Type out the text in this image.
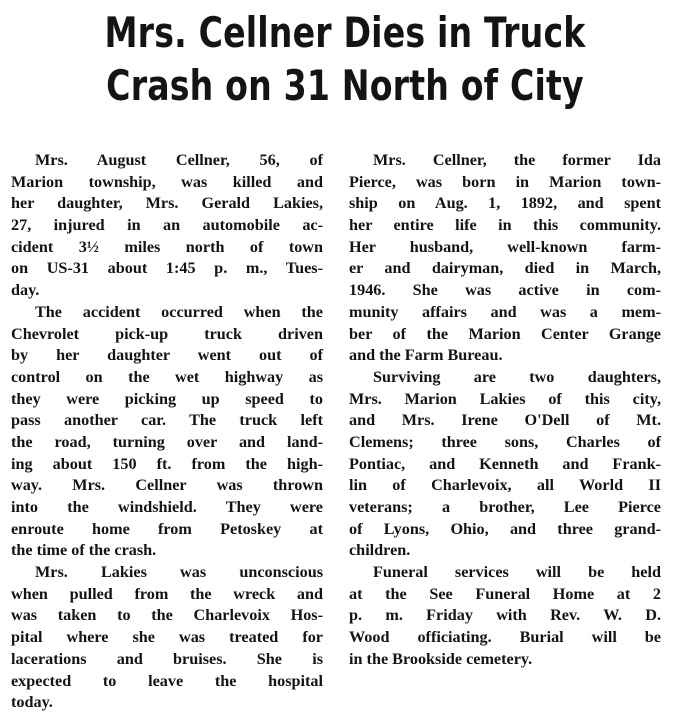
Mrs. Cellner Dies in Truck
Crash on 31 North of City
Mrs. August Cellner, 56, of
Marion township, was killed and
her daughter, Mrs. Gerald Lakies,
27, injured in an automobile ac-
cident 3½ miles north of town
on US-31 about 1:45 p. m., Tues-
day.
The accident occurred when the
Chevrolet pick-up truck driven
by her daughter went out of
control on the wet highway as
they were picking up speed to
pass another car. The truck left
the road, turning over and land-
ing about 150 ft. from the high-
way. Mrs. Cellner was thrown
into the windshield. They were
enroute home from Petoskey at
the time of the crash.
Mrs. Lakies was unconscious
when pulled from the wreck and
was taken to the Charlevoix Hos-
pital where she was treated for
lacerations and bruises. She is
expected to leave the hospital
today.
Mrs. Cellner, the former Ida
Pierce, was born in Marion town-
ship on Aug. 1, 1892, and spent
her entire life in this community.
Her husband, well-known farm-
er and dairyman, died in March,
1946. She was active in com-
munity affairs and was a mem-
ber of the Marion Center Grange
and the Farm Bureau.
Surviving are two daughters,
Mrs. Marion Lakies of this city,
and Mrs. Irene O'Dell of Mt.
Clemens; three sons, Charles of
Pontiac, and Kenneth and Frank-
lin of Charlevoix, all World II
veterans; a brother, Lee Pierce
of Lyons, Ohio, and three grand-
children.
Funeral services will be held
at the See Funeral Home at 2
p. m. Friday with Rev. W. D.
Wood officiating. Burial will be
in the Brookside cemetery.
